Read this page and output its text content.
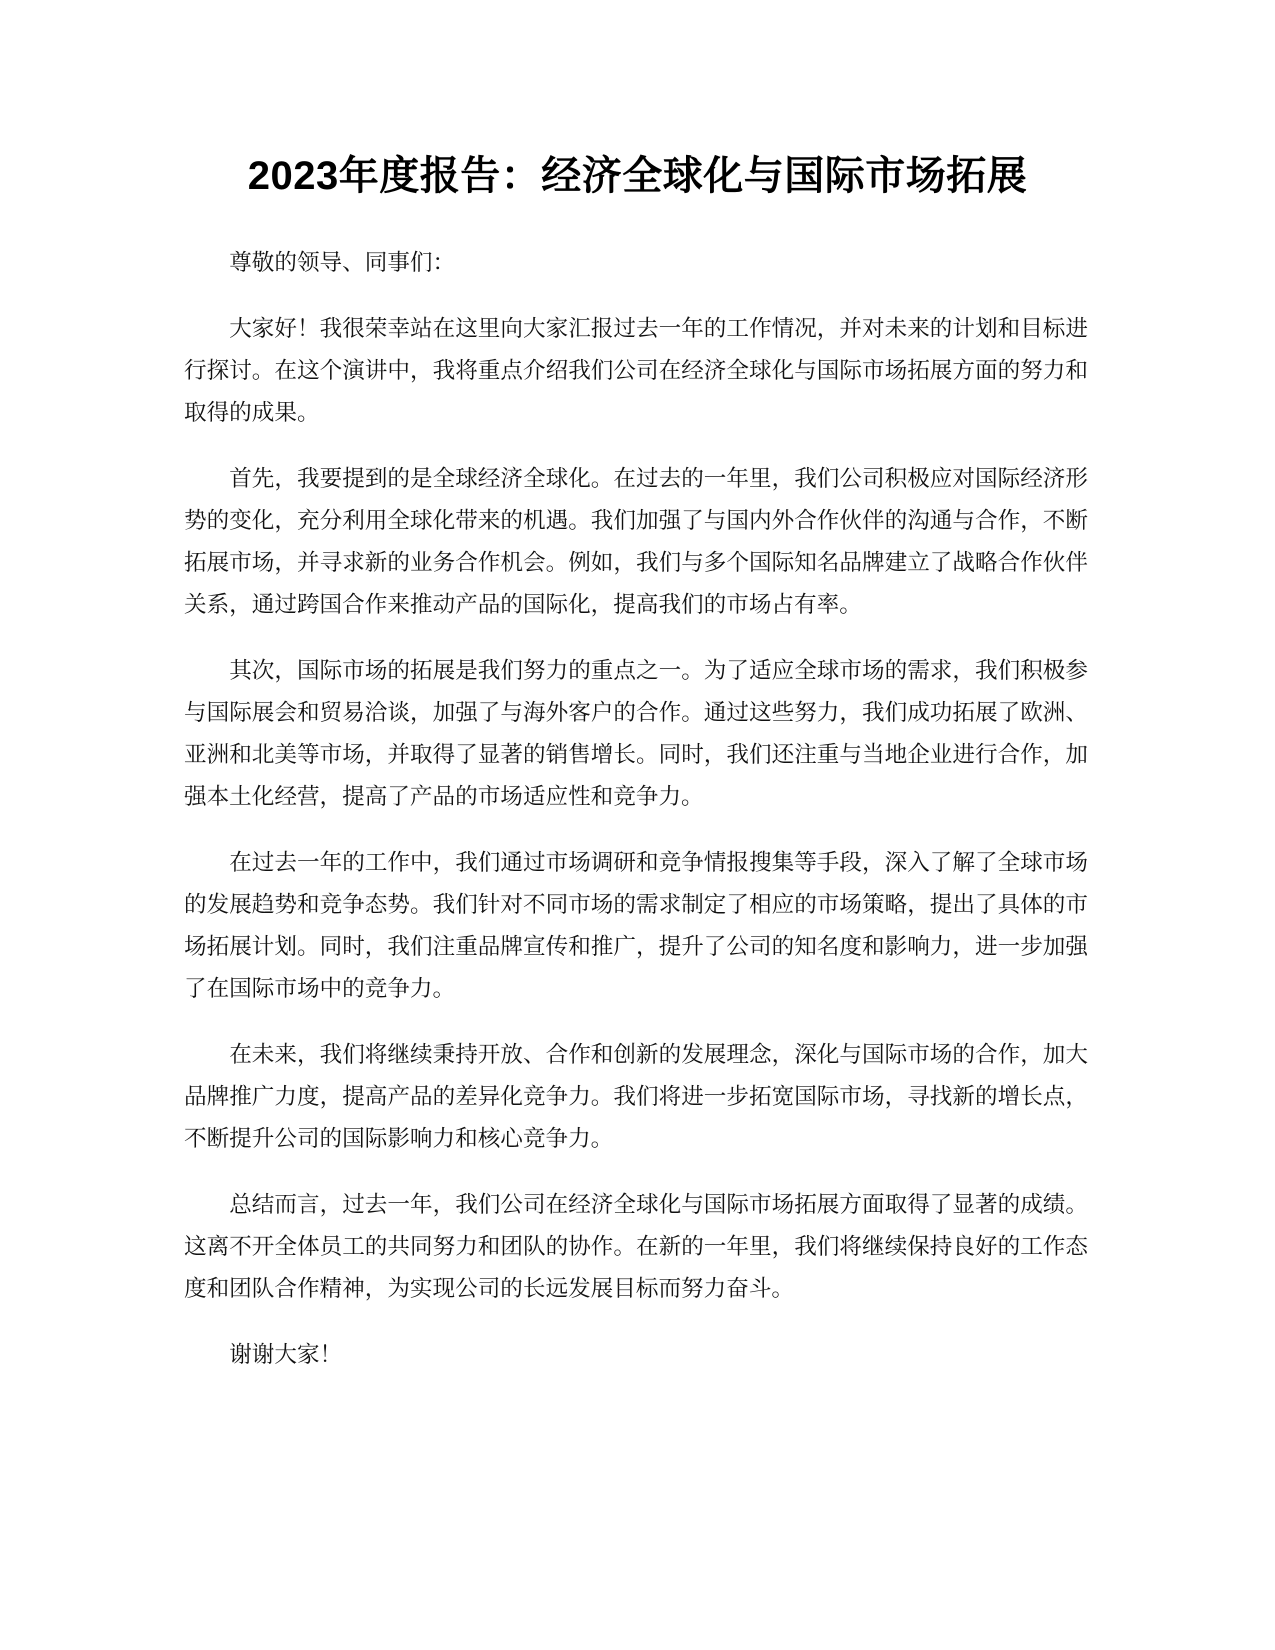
2023年度报告：经济全球化与国际市场拓展

尊敬的领导、同事们：

大家好！我很荣幸站在这里向大家汇报过去一年的工作情况，并对未来的计划和目标进行探讨。在这个演讲中，我将重点介绍我们公司在经济全球化与国际市场拓展方面的努力和取得的成果。

首先，我要提到的是全球经济全球化。在过去的一年里，我们公司积极应对国际经济形势的变化，充分利用全球化带来的机遇。我们加强了与国内外合作伙伴的沟通与合作，不断拓展市场，并寻求新的业务合作机会。例如，我们与多个国际知名品牌建立了战略合作伙伴关系，通过跨国合作来推动产品的国际化，提高我们的市场占有率。

其次，国际市场的拓展是我们努力的重点之一。为了适应全球市场的需求，我们积极参与国际展会和贸易洽谈，加强了与海外客户的合作。通过这些努力，我们成功拓展了欧洲、亚洲和北美等市场，并取得了显著的销售增长。同时，我们还注重与当地企业进行合作，加强本土化经营，提高了产品的市场适应性和竞争力。

在过去一年的工作中，我们通过市场调研和竞争情报搜集等手段，深入了解了全球市场的发展趋势和竞争态势。我们针对不同市场的需求制定了相应的市场策略，提出了具体的市场拓展计划。同时，我们注重品牌宣传和推广，提升了公司的知名度和影响力，进一步加强了在国际市场中的竞争力。

在未来，我们将继续秉持开放、合作和创新的发展理念，深化与国际市场的合作，加大品牌推广力度，提高产品的差异化竞争力。我们将进一步拓宽国际市场，寻找新的增长点，不断提升公司的国际影响力和核心竞争力。

总结而言，过去一年，我们公司在经济全球化与国际市场拓展方面取得了显著的成绩。这离不开全体员工的共同努力和团队的协作。在新的一年里，我们将继续保持良好的工作态度和团队合作精神，为实现公司的长远发展目标而努力奋斗。

谢谢大家！
